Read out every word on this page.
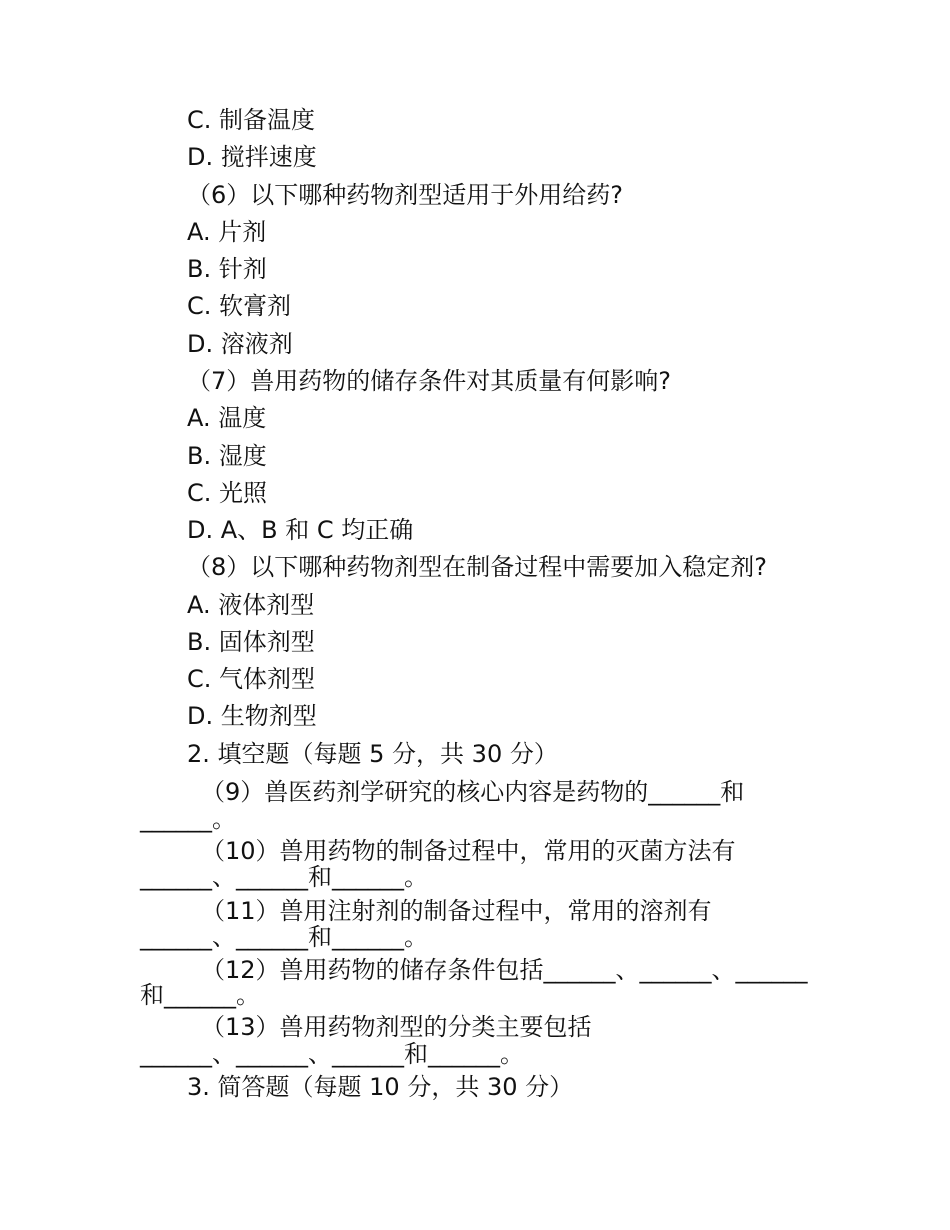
C. 制备温度
D. 搅拌速度
（6）以下哪种药物剂型适用于外用给药?
A. 片剂
B. 针剂
C. 软膏剂
D. 溶液剂
（7）兽用药物的储存条件对其质量有何影响?
A. 温度
B. 湿度
C. 光照
D. A、B 和 C 均正确
（8）以下哪种药物剂型在制备过程中需要加入稳定剂?
A. 液体剂型
B. 固体剂型
C. 气体剂型
D. 生物剂型
2. 填空题（每题 5 分，共 30 分）
（9）兽医药剂学研究的核心内容是药物的______和
______。
（10）兽用药物的制备过程中，常用的灭菌方法有
______、______和______。
（11）兽用注射剂的制备过程中，常用的溶剂有
______、______和______。
（12）兽用药物的储存条件包括______、______、______
和______。
（13）兽用药物剂型的分类主要包括
______、______、______和______。
3. 简答题（每题 10 分，共 30 分）
